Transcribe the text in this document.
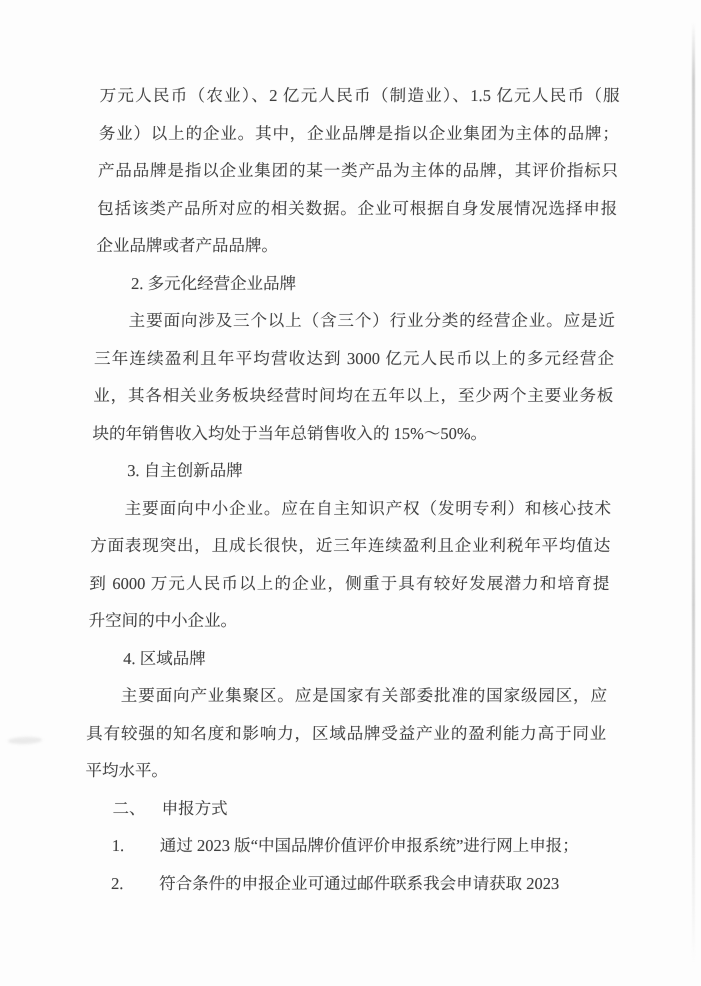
万元人民币（农业）、2 亿元人民币（制造业）、1.5 亿元人民币（服
务业）以上的企业。其中，企业品牌是指以企业集团为主体的品牌；
产品品牌是指以企业集团的某一类产品为主体的品牌，其评价指标只
包括该类产品所对应的相关数据。企业可根据自身发展情况选择申报
企业品牌或者产品品牌。
2. 多元化经营企业品牌
主要面向涉及三个以上（含三个）行业分类的经营企业。应是近
三年连续盈利且年平均营收达到 3000 亿元人民币以上的多元经营企
业，其各相关业务板块经营时间均在五年以上，至少两个主要业务板
块的年销售收入均处于当年总销售收入的 15%～50%。
3. 自主创新品牌
主要面向中小企业。应在自主知识产权（发明专利）和核心技术
方面表现突出，且成长很快，近三年连续盈利且企业利税年平均值达
到 6000 万元人民币以上的企业，侧重于具有较好发展潜力和培育提
升空间的中小企业。
4. 区域品牌
主要面向产业集聚区。应是国家有关部委批准的国家级园区，应
具有较强的知名度和影响力，区域品牌受益产业的盈利能力高于同业
平均水平。
二、 申报方式
1.	通过 2023 版“中国品牌价值评价申报系统”进行网上申报；
2.	符合条件的申报企业可通过邮件联系我会申请获取 2023
